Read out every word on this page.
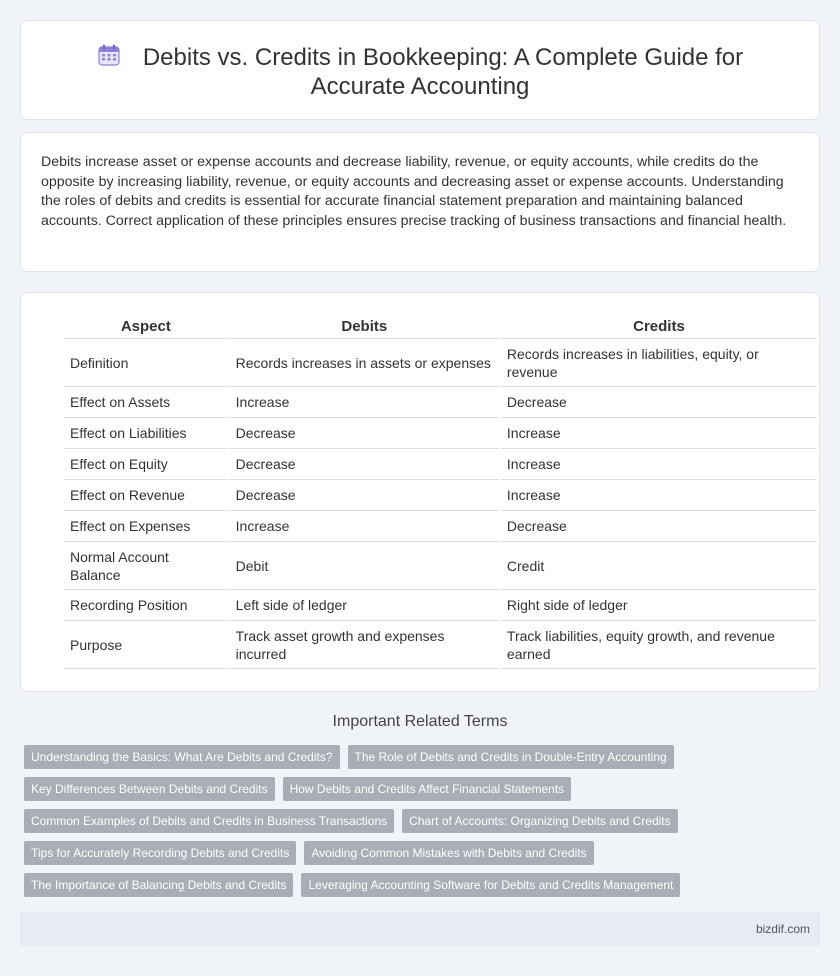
Debits vs. Credits in Bookkeeping: A Complete Guide for Accurate Accounting

Debits increase asset or expense accounts and decrease liability, revenue, or equity accounts, while credits do the opposite by increasing liability, revenue, or equity accounts and decreasing asset or expense accounts. Understanding the roles of debits and credits is essential for accurate financial statement preparation and maintaining balanced accounts. Correct application of these principles ensures precise tracking of business transactions and financial health.

Aspect	Debits	Credits
Definition	Records increases in assets or expenses	Records increases in liabilities, equity, or revenue
Effect on Assets	Increase	Decrease
Effect on Liabilities	Decrease	Increase
Effect on Equity	Decrease	Increase
Effect on Revenue	Decrease	Increase
Effect on Expenses	Increase	Decrease
Normal Account Balance	Debit	Credit
Recording Position	Left side of ledger	Right side of ledger
Purpose	Track asset growth and expenses incurred	Track liabilities, equity growth, and revenue earned
Important Related Terms
Understanding the Basics: What Are Debits and Credits?	The Role of Debits and Credits in Double-Entry Accounting
Key Differences Between Debits and Credits	How Debits and Credits Affect Financial Statements
Common Examples of Debits and Credits in Business Transactions	Chart of Accounts: Organizing Debits and Credits
Tips for Accurately Recording Debits and Credits	Avoiding Common Mistakes with Debits and Credits
The Importance of Balancing Debits and Credits	Leveraging Accounting Software for Debits and Credits Management
bizdif.com
